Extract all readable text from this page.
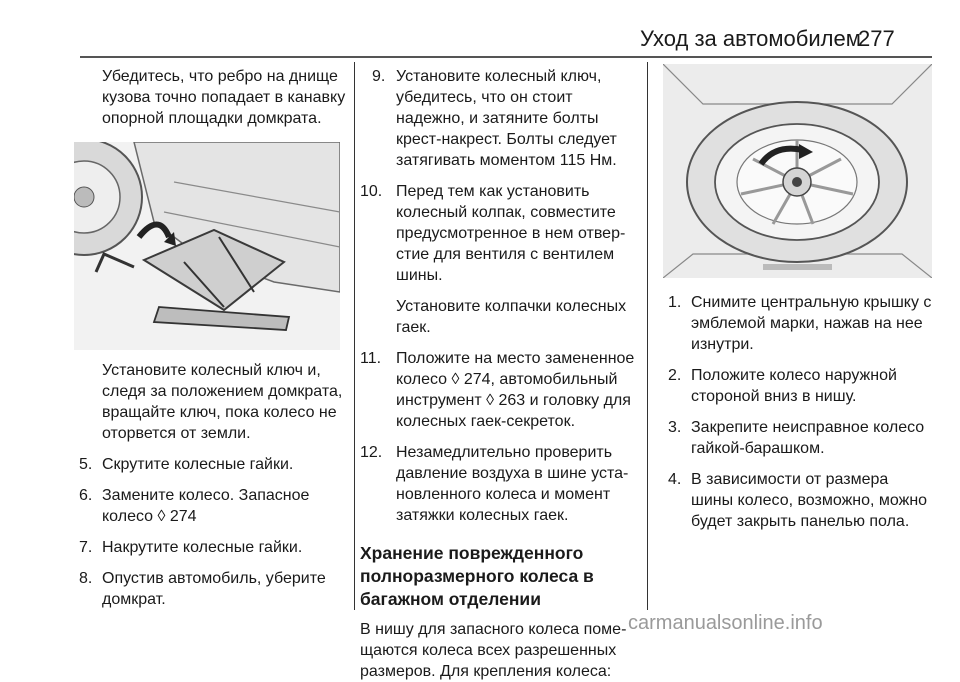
Уход за автомобилем
277

Убедитесь, что ребро на днище кузова точно попадает в канавку опорной площадки домкрата.

Установите колесный ключ и, следя за положением домкрата, вращайте ключ, пока колесо не оторвется от земли.

5. Скрутите колесные гайки.
6. Замените колесо. Запасное колесо ◊ 274
7. Накрутите колесные гайки.
8. Опустив автомобиль, уберите домкрат.
9. Установите колесный ключ, убедитесь, что он стоит надежно, и затяните болты крест-накрест. Болты следует затягивать моментом 115 Нм.
10. Перед тем как установить колесный колпак, совместите предусмотренное в нем отвер-стие для вентиля с вентилем шины.
Установите колпачки колесных гаек.
11. Положите на место замененное колесо ◊ 274, автомобильный инструмент ◊ 263 и головку для колесных гаек-секреток.
12. Незамедлительно проверить давление воздуха в шине уста-новленного колеса и момент затяжки колесных гаек.

Хранение поврежденного полноразмерного колеса в багажном отделении

В нишу для запасного колеса поме-щаются колеса всех разрешенных размеров. Для крепления колеса:

1. Снимите центральную крышку с эмблемой марки, нажав на нее изнутри.
2. Положите колесо наружной стороной вниз в нишу.
3. Закрепите неисправное колесо гайкой-барашком.
4. В зависимости от размера шины колесо, возможно, можно будет закрыть панелью пола.
carmanualsonline.info
